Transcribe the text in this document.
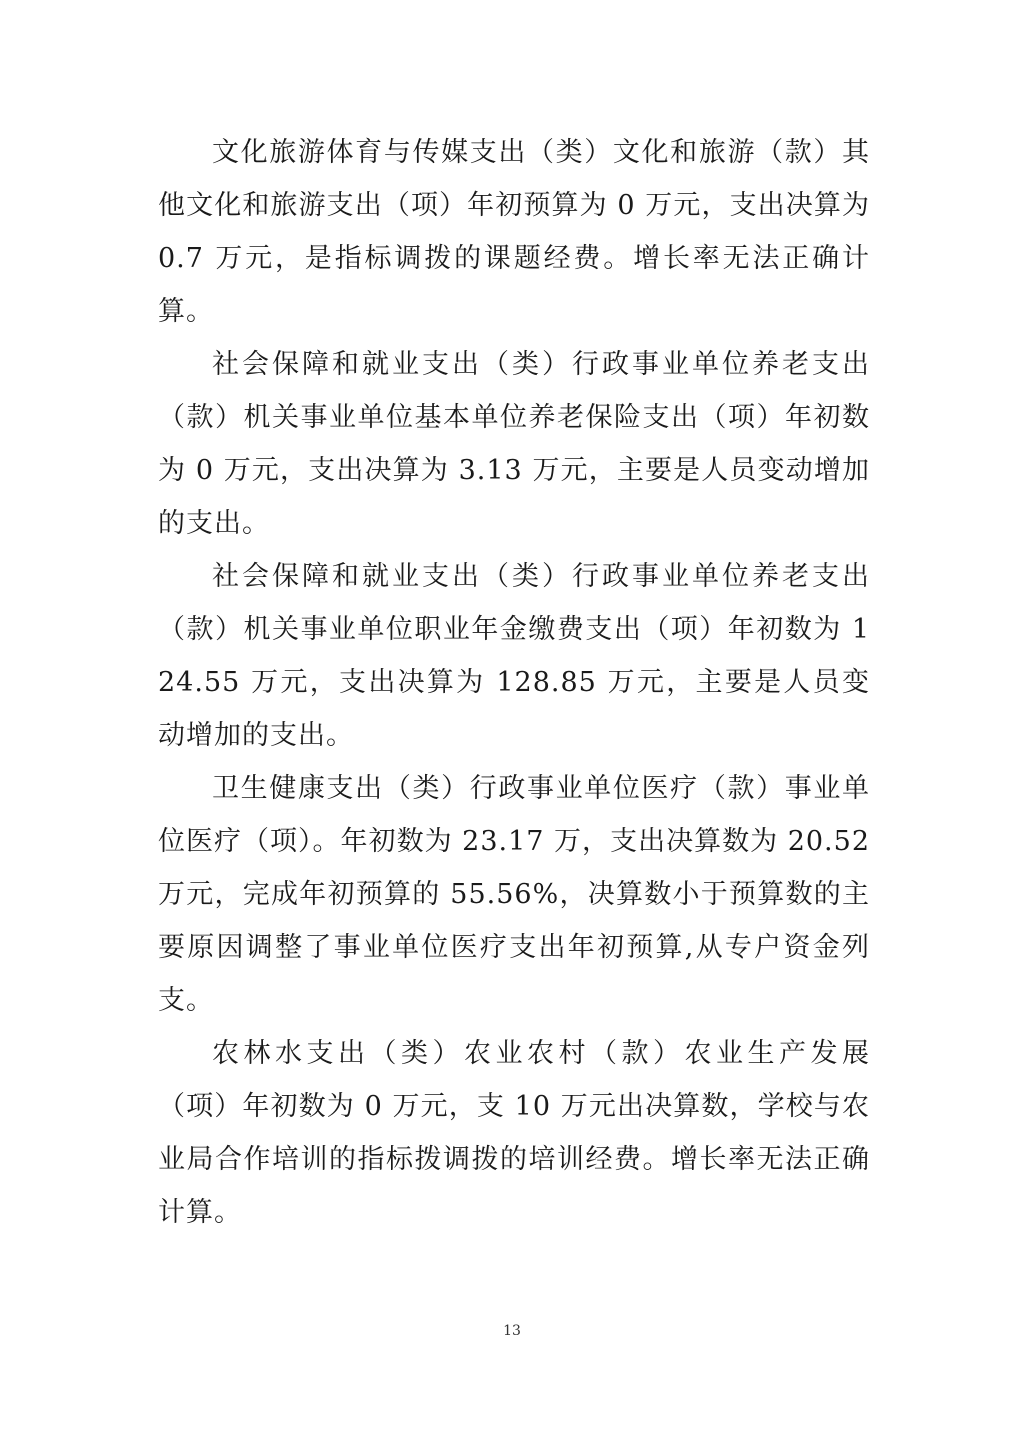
文化旅游体育与传媒支出（类）文化和旅游（款）其他文化和旅游支出（项）年初预算为 0 万元，支出决算为 0.7 万元，是指标调拨的课题经费。增长率无法正确计算。

社会保障和就业支出（类）行政事业单位养老支出（款）机关事业单位基本单位养老保险支出（项）年初数为 0 万元，支出决算为 3.13 万元，主要是人员变动增加的支出。

社会保障和就业支出（类）行政事业单位养老支出（款）机关事业单位职业年金缴费支出（项）年初数为 124.55 万元，支出决算为 128.85 万元，主要是人员变动增加的支出。

卫生健康支出（类）行政事业单位医疗（款）事业单位医疗（项）。年初数为 23.17 万，支出决算数为 20.52 万元，完成年初预算的 55.56%，决算数小于预算数的主要原因调整了事业单位医疗支出年初预算,从专户资金列支。

农林水支出（类）农业农村（款）农业生产发展（项）年初数为 0 万元，支 10 万元出决算数，学校与农业局合作培训的指标拨调拨的培训经费。增长率无法正确计算。

13
